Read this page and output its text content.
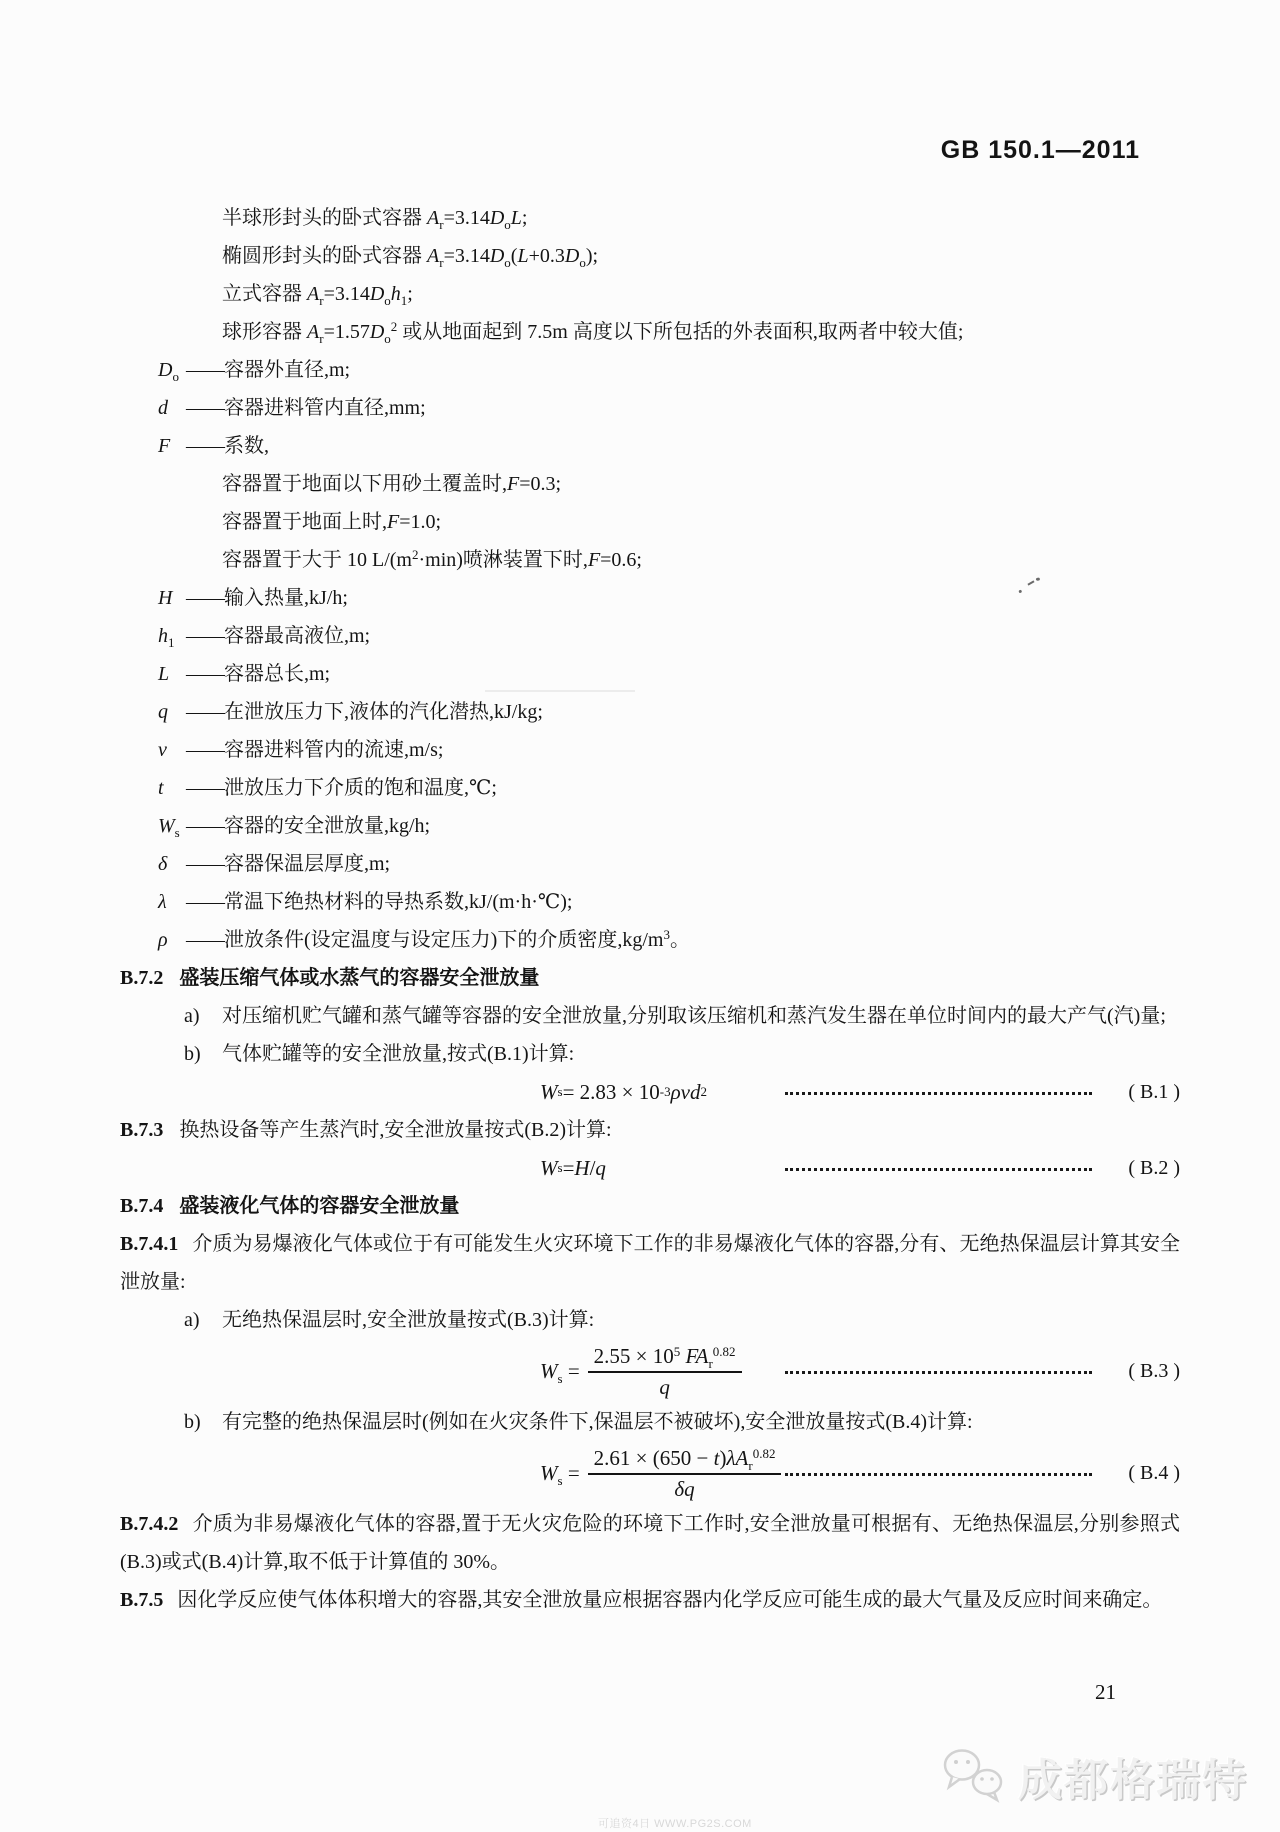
GB 150.1—2011
半球形封头的卧式容器 $A_r=3.14D_oL$;
椭圆形封头的卧式容器 $A_r=3.14D_o(L+0.3D_o)$;
立式容器 $A_r=3.14D_oh_1$;
球形容器 $A_r=1.57D_o^2$ 或从地面起到 7.5m 高度以下所包括的外表面积,取两者中较大值;
$D_o$ ——容器外直径,m;
d ——容器进料管内直径,mm;
F ——系数,
容器置于地面以下用砂土覆盖时,F=0.3;
容器置于地面上时,F=1.0;
容器置于大于 10 $L/(m^2\cdot\min)$喷淋装置下时,F=0.6;
H ——输入热量,kJ/h;
$h_1$ ——容器最高液位,m;
L ——容器总长,m;
q ——在泄放压力下,液体的汽化潜热,kJ/kg;
v ——容器进料管内的流速,m/s;
t ——泄放压力下介质的饱和温度,℃;
$W_s$ ——容器的安全泄放量,kg/h;
δ ——容器保温层厚度,m;
λ ——常温下绝热材料的导热系数,kJ/(m·h·℃);
ρ ——泄放条件(设定温度与设定压力)下的介质密度$,kg/m^3$。
B.7.2 盛装压缩气体或水蒸气的容器安全泄放量
a)	对压缩机贮气罐和蒸气罐等容器的安全泄放量,分别取该压缩机和蒸汽发生器在单位时间内的最大产气(汽)量;
b)	气体贮罐等的安全泄放量,按式(B.1)计算:
W s = 2.83 × 10 -3 ρvd 2	( B.1 )
B.7.3 换热设备等产生蒸汽时,安全泄放量按式(B.2)计算:
W s = H / q	( B.2 )
B.7.4 盛装液化气体的容器安全泄放量
B.7.4.1 介质为易爆液化气体或位于有可能发生火灾环境下工作的非易爆液化气体的容器,分有、无绝热保温层计算其安全泄放量:
a)	无绝热保温层时,安全泄放量按式(B.3)计算:
$W_s = \frac{2.55 \times 10^5 FA_r^{0.82}}{q}$	( B.3 )
b)	有完整的绝热保温层时(例如在火灾条件下,保温层不被破坏),安全泄放量按式(B.4)计算:
$W_s = \frac{2.61 \times (650 - t)\lambda A_r^{0.82}}{\delta q}$	( B.4 )
B.7.4.2 介质为非易爆液化气体的容器,置于无火灾危险的环境下工作时,安全泄放量可根据有、无绝热保温层,分别参照式(B.3)或式(B.4)计算,取不低于计算值的 30%。
B.7.5 因化学反应使气体体积增大的容器,其安全泄放量应根据容器内化学反应可能生成的最大气量及反应时间来确定。
21
成都格瑞特
可追资4日 WWW.PG2S.COM
